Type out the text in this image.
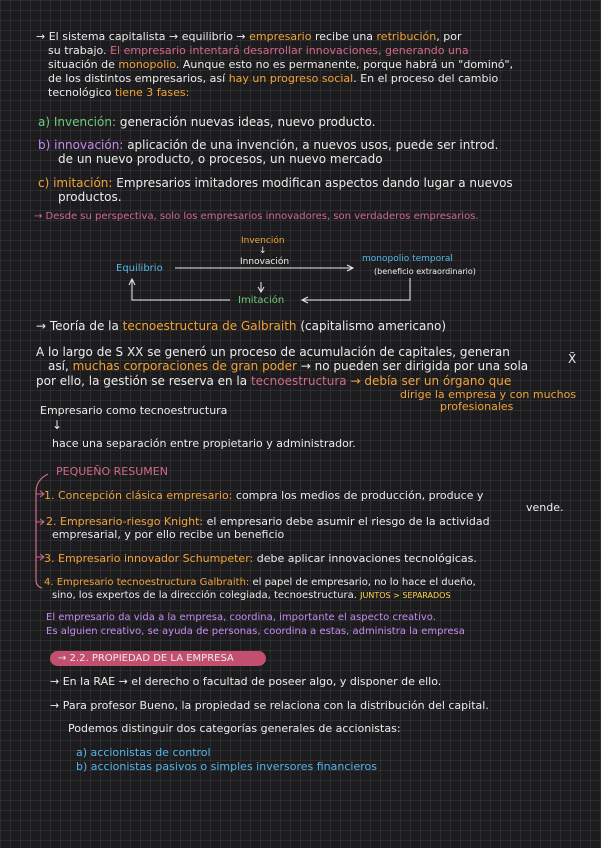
→ El sistema capitalista → equilibrio → empresario recibe una retribución, por
su trabajo. El empresario intentará desarrollar innovaciones, generando una
situación de monopolio. Aunque esto no es permanente, porque habrá un "dominó",
de los distintos empresarios, así hay un progreso social. En el proceso del cambio
tecnológico tiene 3 fases:
a) Invención: generación nuevas ideas, nuevo producto.
b) innovación: aplicación de una invención, a nuevos usos, puede ser introd.
de un nuevo producto, o procesos, un nuevo mercado
c) imitación: Empresarios imitadores modifican aspectos dando lugar a nuevos
productos.
→ Desde su perspectiva, solo los empresarios innovadores, son verdaderos empresarios.
Invención
↓
Innovación
Equilibrio
monopolio temporal
(beneficio extraordinario)
Imitación
→ Teoría de la tecnoestructura de Galbraith (capitalismo americano)
A lo largo de S XX se generó un proceso de acumulación de capitales, generan
así, muchas corporaciones de gran poder → no pueden ser dirigida por una sola	X̃
por ello, la gestión se reserva en la tecnoestructura → debía ser un órgano que
dirige la empresa y con muchos
profesionales
Empresario como tecnoestructura
↓
hace una separación entre propietario y administrador.
PEQUEÑO RESUMEN
1. Concepción clásica empresario: compra los medios de producción, produce y
vende.
2. Empresario-riesgo Knight: el empresario debe asumir el riesgo de la actividad
empresarial, y por ello recibe un beneficio
3. Empresario innovador Schumpeter: debe aplicar innovaciones tecnológicas.
4. Empresario tecnoestructura Galbraith: el papel de empresario, no lo hace el dueño,
sino, los expertos de la dirección colegiada, tecnoestructura. JUNTOS > SEPARADOS
El empresario da vida a la empresa, coordina, importante el aspecto creativo.
Es alguien creativo, se ayuda de personas, coordina a estas, administra la empresa
→ 2.2. PROPIEDAD DE LA EMPRESA
→ En la RAE → el derecho o facultad de poseer algo, y disponer de ello.
→ Para profesor Bueno, la propiedad se relaciona con la distribución del capital.
Podemos distinguir dos categorías generales de accionistas:
a) accionistas de control
b) accionistas pasivos o simples inversores financieros
